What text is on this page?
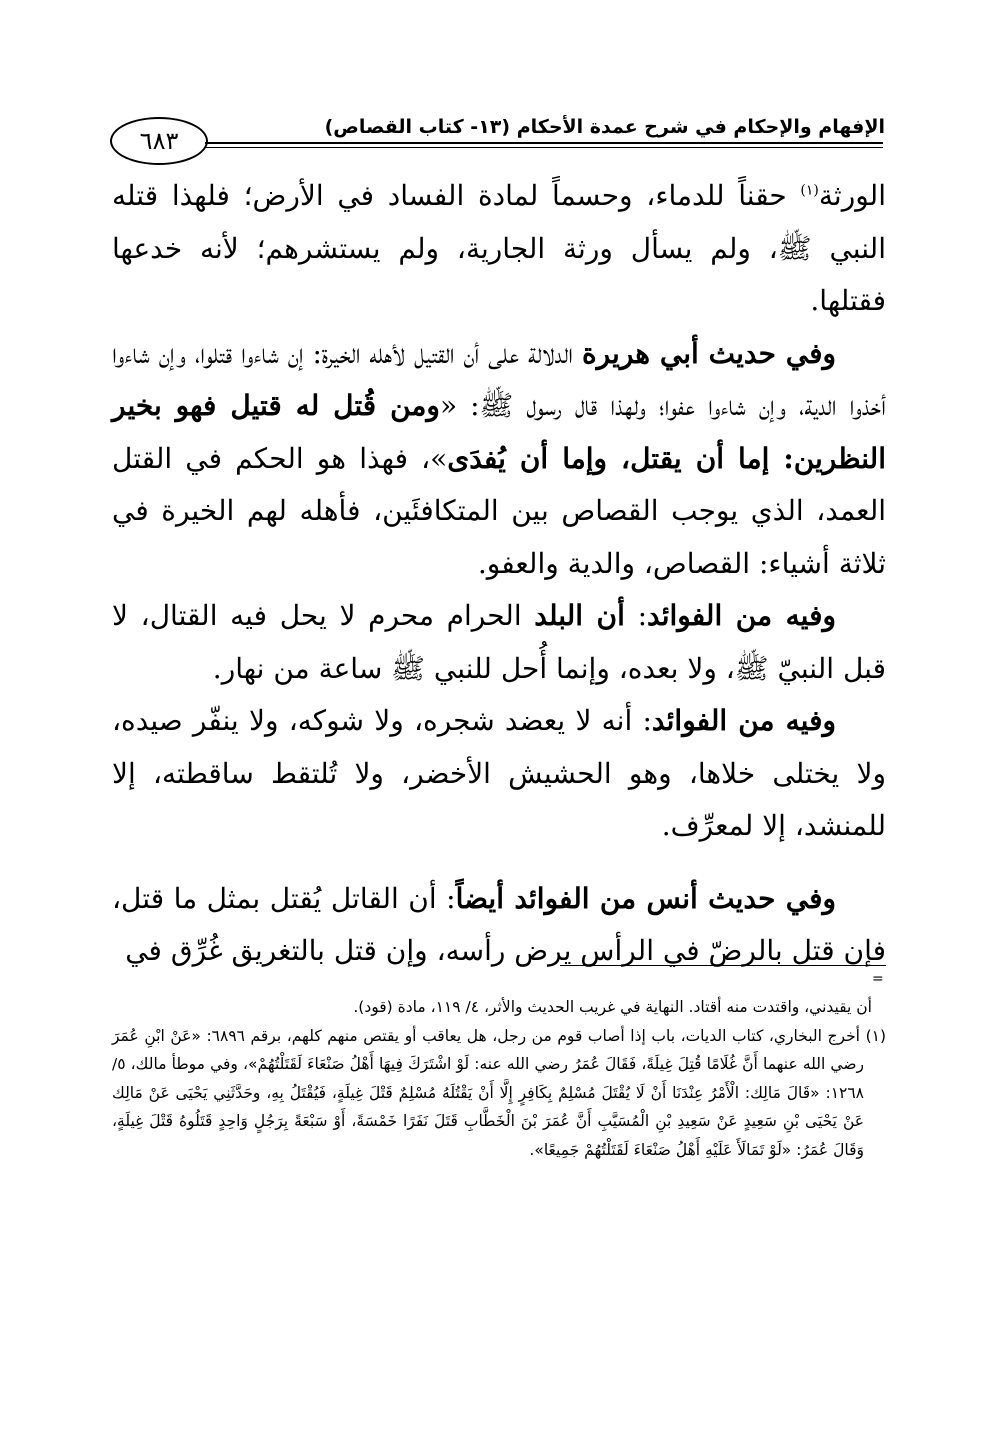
الإفهام والإحكام في شرح عمدة الأحكام (١٣- كتاب القصاص)
٦٨٣

الورثة$^{(١)}$ حقناً للدماء، وحسماً لمادة الفساد في الأرض؛ فلهذا قتله النبي ﷺ، ولم يسأل ورثة الجارية، ولم يستشرهم؛ لأنه خدعها فقتلها.

وفي حديث أبي هريرة الدلالة على أن القتيل لأهله الخيرة: إن شاءوا قتلوا، وإن شاءوا أخذوا الدية، وإن شاءوا عفوا؛ ولهذا قال رسول ﷺ: «ومن قُتل له قتيل فهو بخير النظرين: إما أن يقتل، وإما أن يُفدَى»، فهذا هو الحكم في القتل العمد، الذي يوجب القصاص بين المتكافئَين، فأهله لهم الخيرة في ثلاثة أشياء: القصاص، والدية والعفو.

وفيه من الفوائد: أن البلد الحرام محرم لا يحل فيه القتال، لا قبل النبيّ ﷺ، ولا بعده، وإنما أُحل للنبي ﷺ ساعة من نهار.

وفيه من الفوائد: أنه لا يعضد شجره، ولا شوكه، ولا ينفّر صيده، ولا يختلى خلاها، وهو الحشيش الأخضر، ولا تُلتقط ساقطته، إلا للمنشد، إلا لمعرِّف.

وفي حديث أنس من الفوائد أيضاً: أن القاتل يُقتل بمثل ما قتل، فإن قتل بالرضّ في الرأس يرض رأسه، وإن قتل بالتغريق غُرِّق في

=

أن يقيدني، واقتدت منه أقتاد. النهاية في غريب الحديث والأثر، ٤/ ١١٩، مادة (قود).

(١) أخرج البخاري، كتاب الديات، باب إذا أصاب قوم من رجل، هل يعاقب أو يقتص منهم كلهم، برقم ٦٨٩٦: «عَنْ ابْنِ عُمَرَ رضي الله عنهما أَنَّ غُلَامًا قُتِلَ غِيلَةً، فَقَالَ عُمَرُ رضي الله عنه: لَوْ اشْتَرَكَ فِيهَا أَهْلُ صَنْعَاءَ لَقَتَلْتُهُمْ»، وفي موطأ مالك، ٥/ ١٢٦٨: «قَالَ مَالِك: الْأَمْرُ عِنْدَنَا أَنْ لَا يُقْتَلَ مُسْلِمٌ بِكَافِرٍ إِلَّا أَنْ يَقْتُلَهُ مُسْلِمٌ قَتْلَ غِيلَةٍ، فَيُقْتَلُ بِهِ، وحَدَّثَنِي يَحْيَى عَنْ مَالِك عَنْ يَحْيَى بْنِ سَعِيدٍ عَنْ سَعِيدِ بْنِ الْمُسَيَّبِ أَنَّ عُمَرَ بْنَ الْخَطَّابِ قَتَلَ نَفَرًا خَمْسَةً، أَوْ سَبْعَةً بِرَجُلٍ وَاحِدٍ قَتَلُوهُ قَتْلَ غِيلَةٍ، وَقَالَ عُمَرُ: «لَوْ تَمَالَأَ عَلَيْهِ أَهْلُ صَنْعَاءَ لَقَتَلْتُهُمْ جَمِيعًا».
